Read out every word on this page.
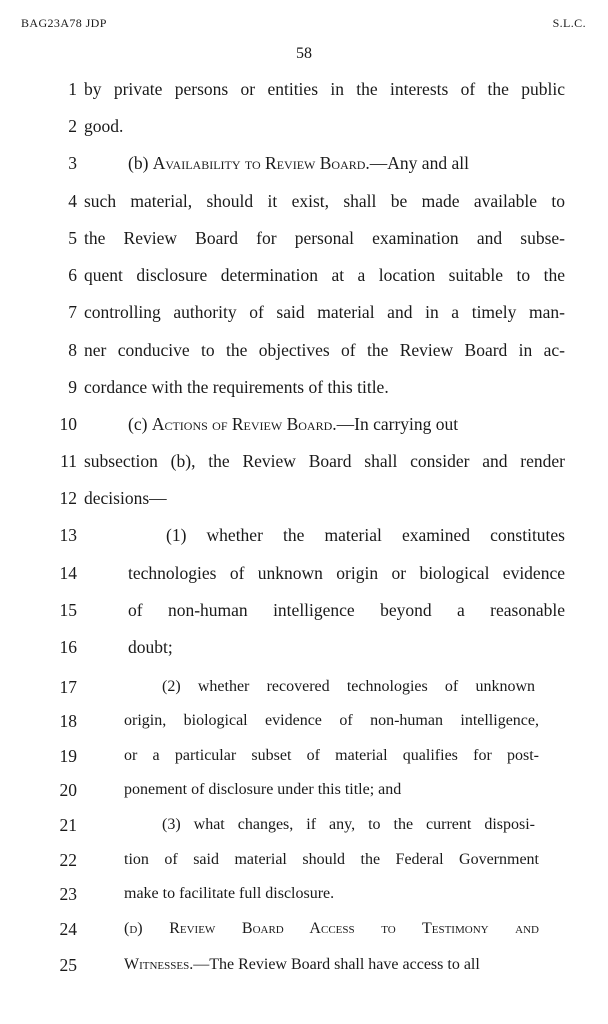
BAG23A78 JDP	S.L.C.
58
1 by private persons or entities in the interests of the public
2 good.
3	(b) Availability to Review Board.—Any and all
4 such material, should it exist, shall be made available to
5 the Review Board for personal examination and subse-
6 quent disclosure determination at a location suitable to the
7 controlling authority of said material and in a timely man-
8 ner conducive to the objectives of the Review Board in ac-
9 cordance with the requirements of this title.
10	(c) Actions of Review Board.—In carrying out
11 subsection (b), the Review Board shall consider and render
12 decisions—
13	(1) whether the material examined constitutes
14	technologies of unknown origin or biological evidence
15	of non-human intelligence beyond a reasonable
16	doubt;
17	(2) whether recovered technologies of unknown
18	origin, biological evidence of non-human intelligence,
19	or a particular subset of material qualifies for post-
20	ponement of disclosure under this title; and
21	(3) what changes, if any, to the current disposi-
22	tion of said material should the Federal Government
23	make to facilitate full disclosure.
24	(d) Review Board Access to Testimony and
25	Witnesses.—The Review Board shall have access to all
